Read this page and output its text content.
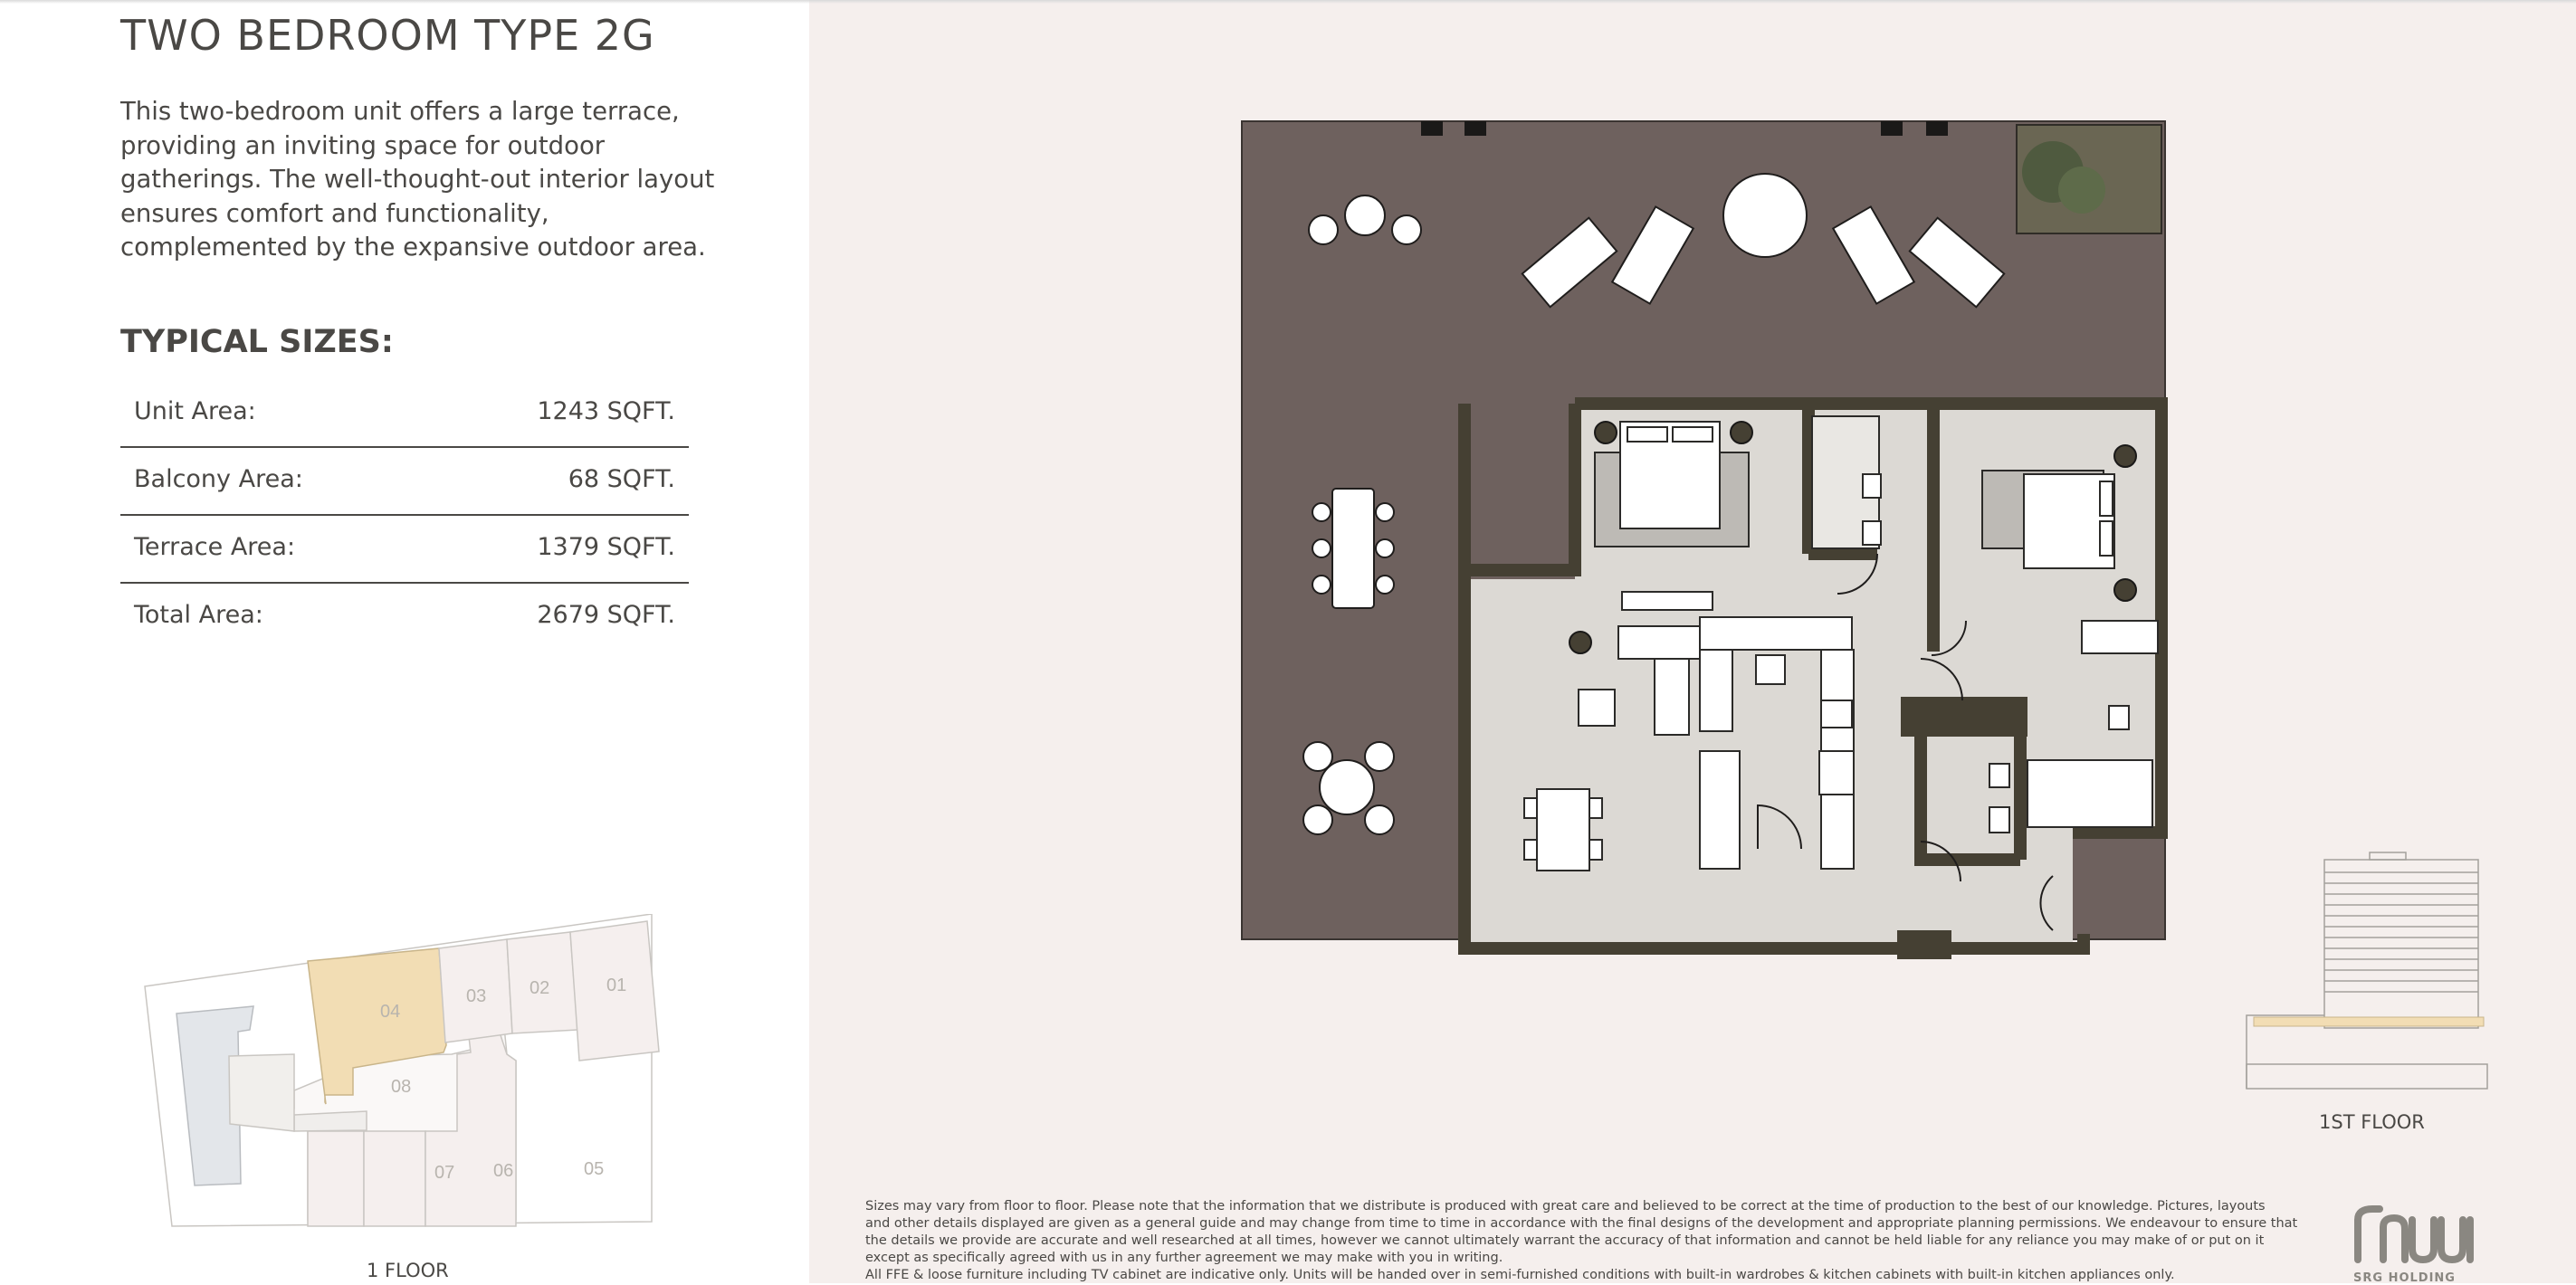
TWO BEDROOM TYPE 2G

This two-bedroom unit offers a large terrace, providing an inviting space for outdoor gatherings. The well-thought-out interior layout ensures comfort and functionality, complemented by the expansive outdoor area.

TYPICAL SIZES:
Unit Area:	1243 SQFT.
Balcony Area:	68 SQFT.
Terrace Area:	1379 SQFT.
Total Area:	2679 SQFT.
04
03 02	01
08
07 06	05
1 FLOOR
1ST FLOOR
Sizes may vary from floor to floor. Please note that the information that we distribute is produced with great care and believed to be correct at the time of production to the best of our knowledge. Pictures, layouts
and other details displayed are given as a general guide and may change from time to time in accordance with the final designs of the development and appropriate planning permissions. We endeavour to ensure that
the details we provide are accurate and well researched at all times, however we cannot ultimately warrant the accuracy of that information and cannot be held liable for any reliance you may make of or put on it
except as specifically agreed with us in any further agreement we may make with you in writing.
All FFE & loose furniture including TV cabinet are indicative only. Units will be handed over in semi-furnished conditions with built-in wardrobes & kitchen cabinets with built-in kitchen appliances only.	SRG HOLDING
